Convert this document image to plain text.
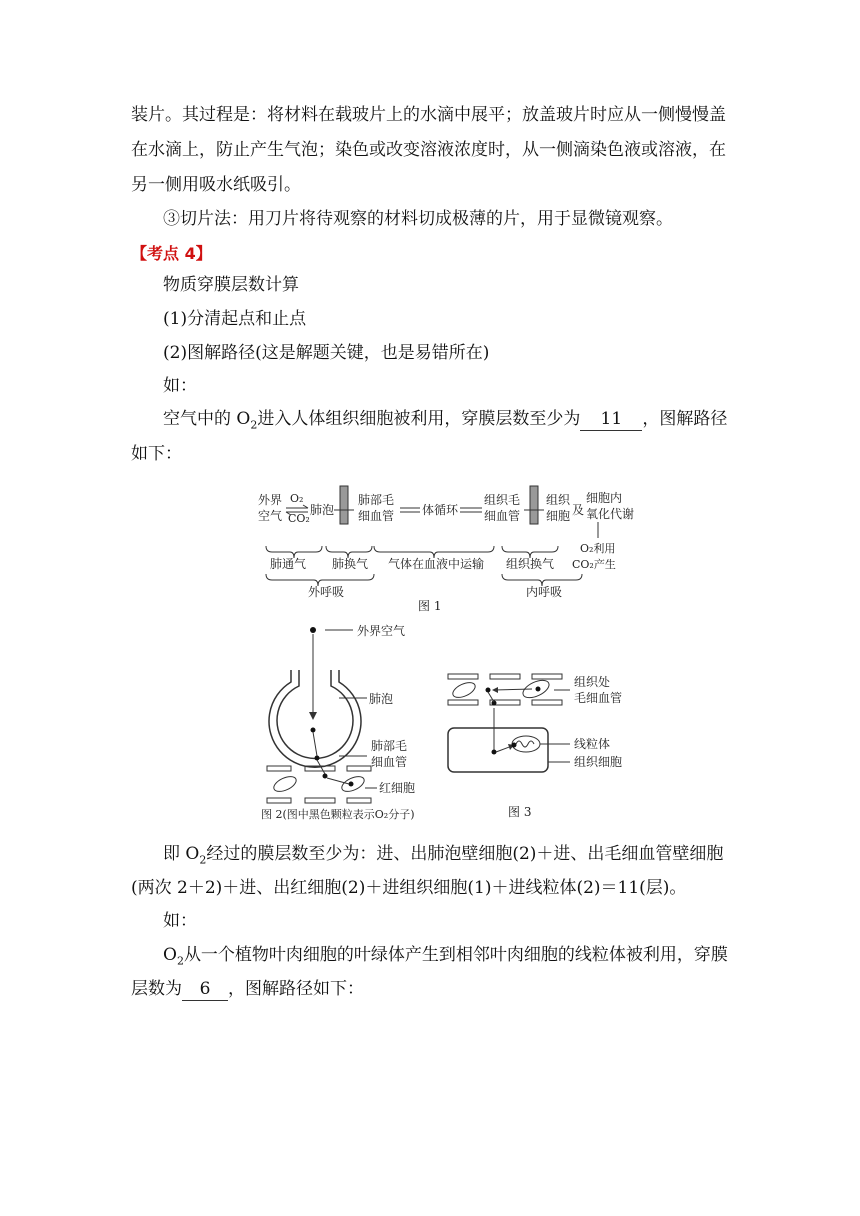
装片。其过程是：将材料在载玻片上的水滴中展平；放盖玻片时应从一侧慢慢盖
在水滴上，防止产生气泡；染色或改变溶液浓度时，从一侧滴染色液或溶液，在
另一侧用吸水纸吸引。
③切片法：用刀片将待观察的材料切成极薄的片，用于显微镜观察。
【考点 4】
物质穿膜层数计算
(1)分清起点和止点
(2)图解路径(这是解题关键，也是易错所在)
如：
空气中的 $O_2$进入人体组织细胞被利用，穿膜层数至少为 11 ，图解路径
如下：
外界
空气
O₂
CO₂
肺泡
肺部毛
细血管 体循环
组织毛
细血管
组织
细胞 及
细胞内
氧化代谢
O₂利用
CO₂产生
肺通气 肺换气 气体在血液中运输 组织换气
外呼吸	内呼吸
图 1
外界空气
肺泡
肺部毛
细血管
红细胞
图 2(图中黑色颗粒表示O₂分子)
组织处
毛细血管
线粒体
组织细胞
图 3
即 $O_2$经过的膜层数至少为：进、出肺泡壁细胞(2)＋进、出毛细血管壁细胞
(两次 2＋2)＋进、出红细胞(2)＋进组织细胞(1)＋进线粒体(2)＝11(层)。
如：
$O_2$从一个植物叶肉细胞的叶绿体产生到相邻叶肉细胞的线粒体被利用，穿膜
层数为 6 ，图解路径如下：
